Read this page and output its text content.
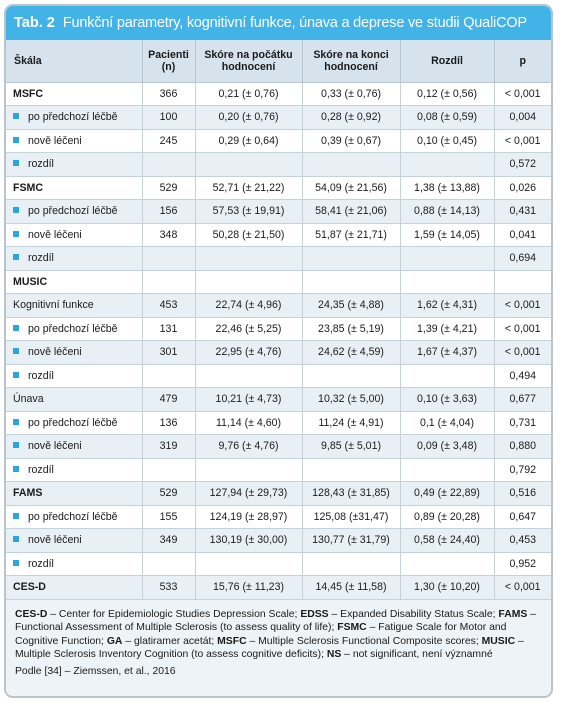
Tab. 2 Funkční parametry, kognitivní funkce, únava a deprese ve studii QualiCOP
Škála	Pacienti (n)	Skóre na počátku hodnocení	Skóre na konci hodnocení	Rozdíl	p
MSFC	366	0,21 (± 0,76)	0,33 (± 0,76)	0,12 (± 0,56)	< 0,001
po předchozí léčbě	100	0,20 (± 0,76)	0,28 (± 0,92)	0,08 (± 0,59)	0,004
nově léčeni	245	0,29 (± 0,64)	0,39 (± 0,67)	0,10 (± 0,45)	< 0,001
rozdíl					0,572
FSMC	529	52,71 (± 21,22)	54,09 (± 21,56)	1,38 (± 13,88)	0,026
po předchozí léčbě	156	57,53 (± 19,91)	58,41 (± 21,06)	0,88 (± 14,13)	0,431
nově léčeni	348	50,28 (± 21,50)	51,87 (± 21,71)	1,59 (± 14,05)	0,041
rozdíl					0,694
MUSIC					
Kognitivní funkce	453	22,74 (± 4,96)	24,35 (± 4,88)	1,62 (± 4,31)	< 0,001
po předchozí léčbě	131	22,46 (± 5,25)	23,85 (± 5,19)	1,39 (± 4,21)	< 0,001
nově léčeni	301	22,95 (± 4,76)	24,62 (± 4,59)	1,67 (± 4,37)	< 0,001
rozdíl					0,494
Únava	479	10,21 (± 4,73)	10,32 (± 5,00)	0,10 (± 3,63)	0,677
po předchozí léčbě	136	11,14 (± 4,60)	11,24 (± 4,91)	0,1 (± 4,04)	0,731
nově léčeni	319	9,76 (± 4,76)	9,85 (± 5,01)	0,09 (± 3,48)	0,880
rozdíl					0,792
FAMS	529	127,94 (± 29,73)	128,43 (± 31,85)	0,49 (± 22,89)	0,516
po předchozí léčbě	155	124,19 (± 28,97)	125,08 (±31,47)	0,89 (± 20,28)	0,647
nově léčeni	349	130,19 (± 30,00)	130,77 (± 31,79)	0,58 (± 24,40)	0,453
rozdíl					0,952
CES-D	533	15,76 (± 11,23)	14,45 (± 11,58)	1,30 (± 10,20)	< 0,001
CES-D – Center for Epidemiologic Studies Depression Scale; EDSS – Expanded Disability Status Scale; FAMS – Functional Assessment of Multiple Sclerosis (to assess quality of life); FSMC – Fatigue Scale for Motor and Cognitive Function; GA – glatiramer acetát; MSFC – Multiple Sclerosis Functional Composite scores; MUSIC – Multiple Sclerosis Inventory Cognition (to assess cognitive deficits); NS – not significant, není významné
Podle [34] – Ziemssen, et al., 2016
